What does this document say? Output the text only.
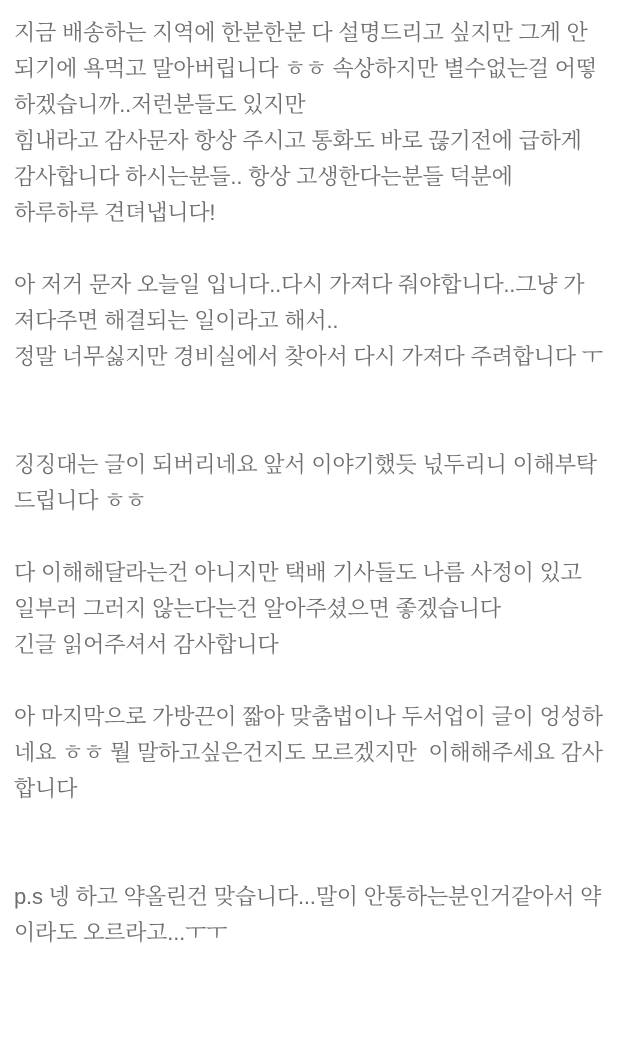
지금 배송하는 지역에 한분한분 다 설명드리고 싶지만 그게 안
되기에 욕먹고 말아버립니다 ㅎㅎ 속상하지만 별수없는걸 어떻
하겠습니까..저런분들도 있지만
힘내라고 감사문자 항상 주시고 통화도 바로 끊기전에 급하게
감사합니다 하시는분들.. 항상 고생한다는분들 덕분에
하루하루 견뎌냅니다!
아 저거 문자 오늘일 입니다..다시 가져다 줘야합니다..그냥 가
져다주면 해결되는 일이라고 해서..
정말 너무싫지만 경비실에서 찾아서 다시 가져다 주려합니다 ㅜ
징징대는 글이 되버리네요 앞서 이야기했듯 넋두리니 이해부탁
드립니다 ㅎㅎ
다 이해해달라는건 아니지만 택배 기사들도 나름 사정이 있고
일부러 그러지 않는다는건 알아주셨으면 좋겠습니다
긴글 읽어주셔서 감사합니다
아 마지막으로 가방끈이 짧아 맞춤법이나 두서업이 글이 엉성하
네요 ㅎㅎ 뭘 말하고싶은건지도 모르겠지만  이해해주세요 감사
합니다
p.s 넹 하고 약올린건 맞습니다...말이 안통하는분인거같아서 약
이라도 오르라고...ㅜㅜ
